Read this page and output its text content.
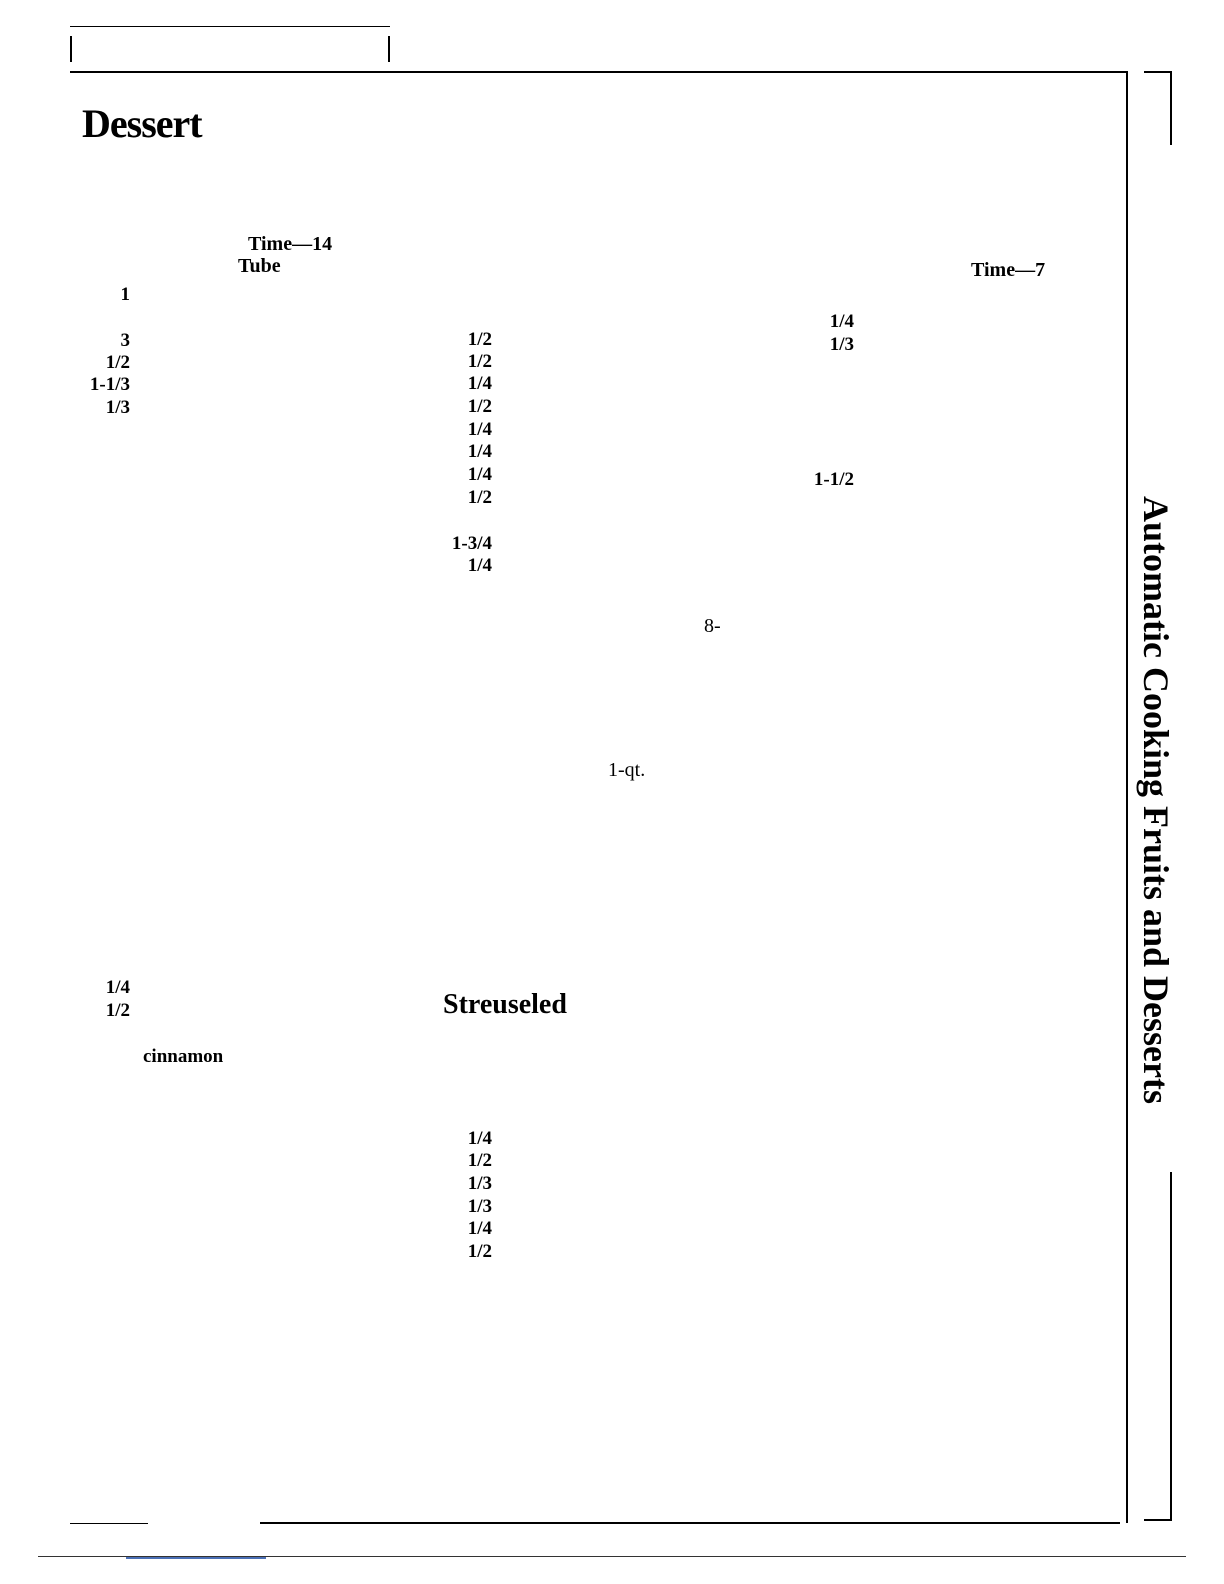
Dessert
Automatic Cooking Fruits and Desserts
Time—14
Tube
1
3
1/2
1-1/3
1/3
1/4
1/2
cinnamon
1/2
1/2
1/4
1/2
1/4
1/4
1/4
1/2
1-3/4
1/4
8-
1-qt.
Streuseled
1/4
1/2
1/3
1/3
1/4
1/2
Time—7
1/4
1/3
1-1/2
